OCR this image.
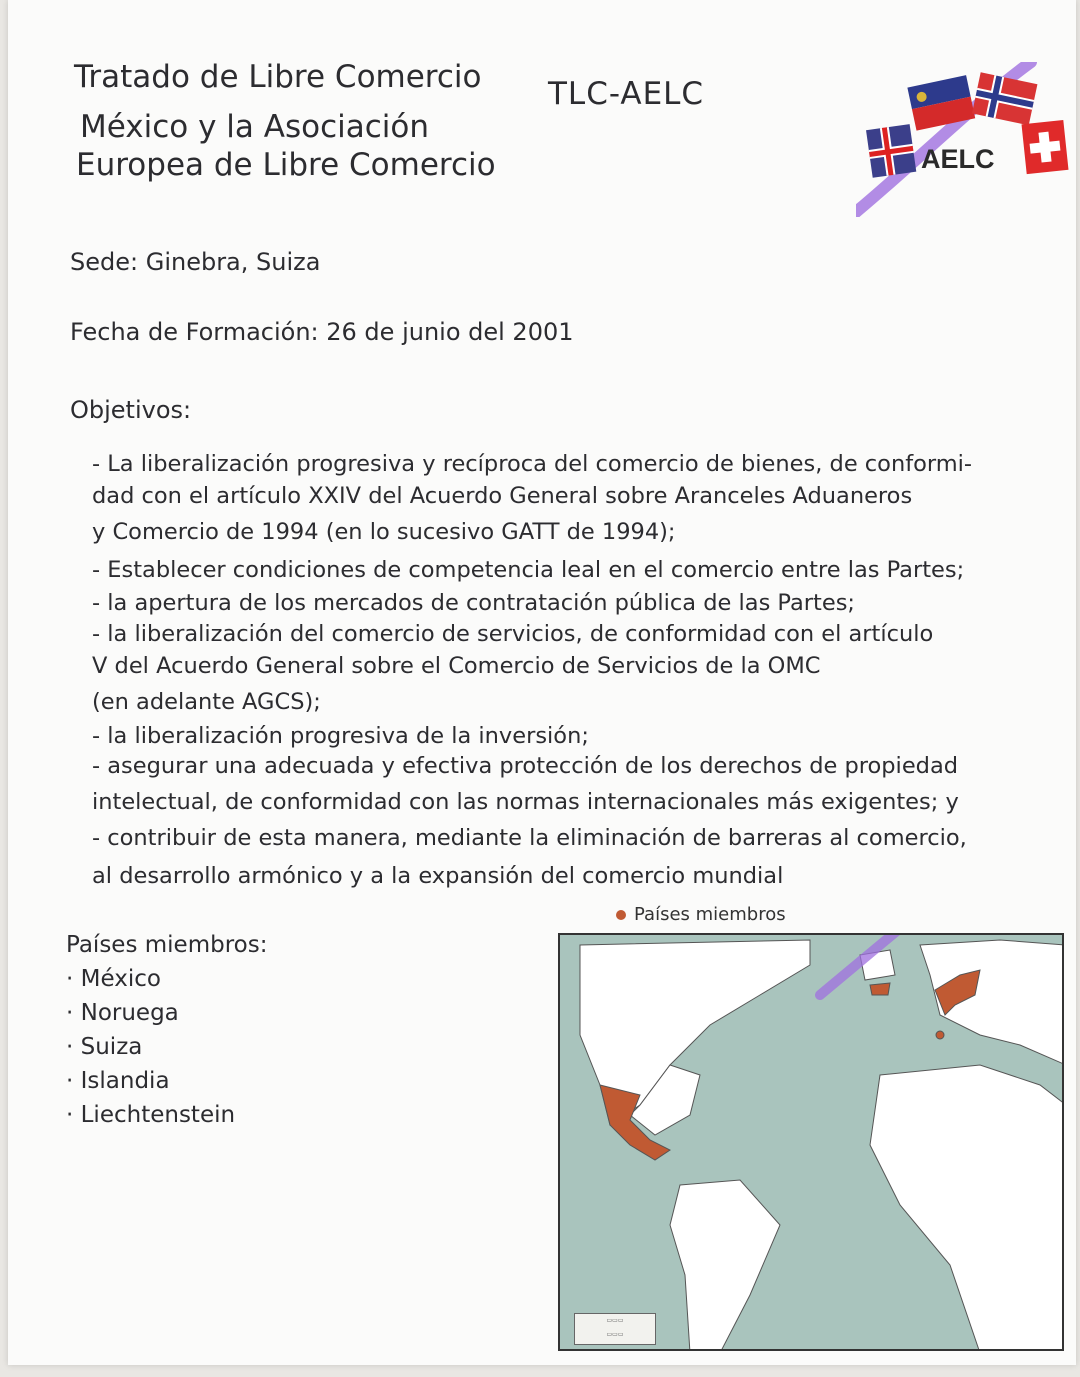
Tratado de Libre Comercio
México y la Asociación
Europea de Libre Comercio
TLC-AELC
AELC
Sede: Ginebra, Suiza
Fecha de Formación: 26 de junio del 2001
Objetivos:
- La liberalización progresiva y recíproca del comercio de bienes, de conformi-
dad con el artículo XXIV del Acuerdo General sobre Aranceles Aduaneros
y Comercio de 1994 (en lo sucesivo GATT de 1994);
- Establecer condiciones de competencia leal en el comercio entre las Partes;
- la apertura de los mercados de contratación pública de las Partes;
- la liberalización del comercio de servicios, de conformidad con el artículo
V del Acuerdo General sobre el Comercio de Servicios de la OMC
(en adelante AGCS);
- la liberalización progresiva de la inversión;
- asegurar una adecuada y efectiva protección de los derechos de propiedad
intelectual, de conformidad con las normas internacionales más exigentes; y
- contribuir de esta manera, mediante la eliminación de barreras al comercio,
al desarrollo armónico y a la expansión del comercio mundial
Países miembros:
· México
· Noruega
· Suiza
· Islandia
· Liechtenstein
Países miembros
▭▭▭
▭▭▭
